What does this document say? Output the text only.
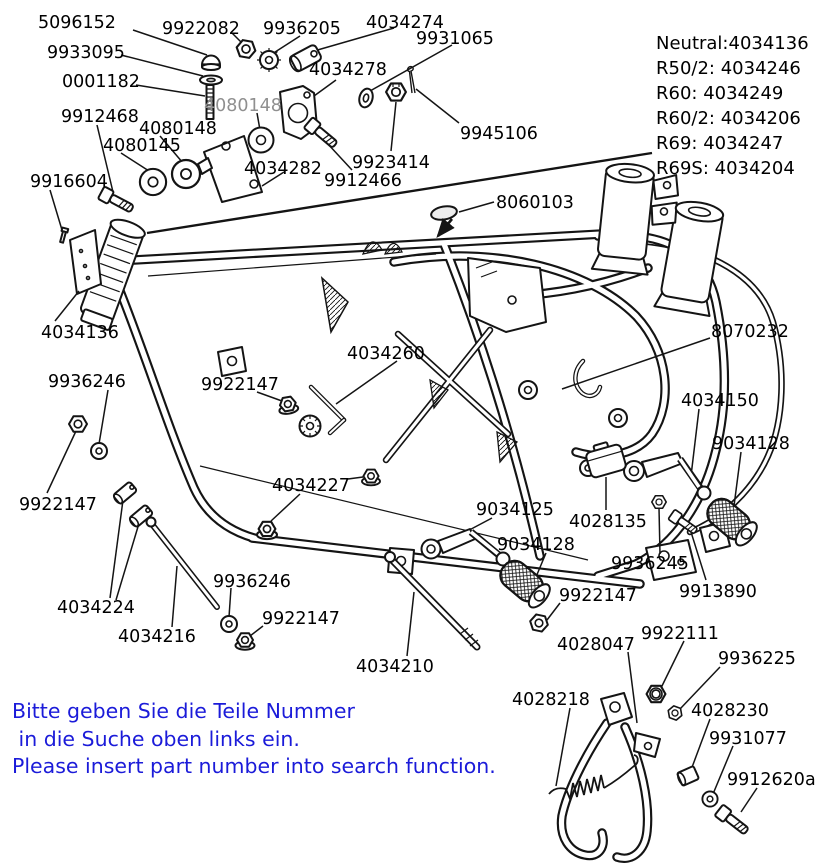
5096152	9922082 9936205 4034274
9931065
9933095
4034278
0001182
4080148
9912468
4080148
4080145
9945106
9923414
4034282
9912466
9916604
8060103
4034136
9936246	9922147
4034260
8070232
4034150
9034128
9922147
4034227
9034125
4028135
9034128
9936245
9913890
9922147
4034224
9936246
4034216
9922147
4034210
4028047
9922111
9936225
4028218
4028230
9931077
9912620a
Neutral:4034136
R50/2: 4034246
R60: 4034249
R60/2: 4034206
R69: 4034247
R69S: 4034204
Bitte geben Sie die Teile Nummer
in die Suche oben links ein.
Please insert part number into search function.
